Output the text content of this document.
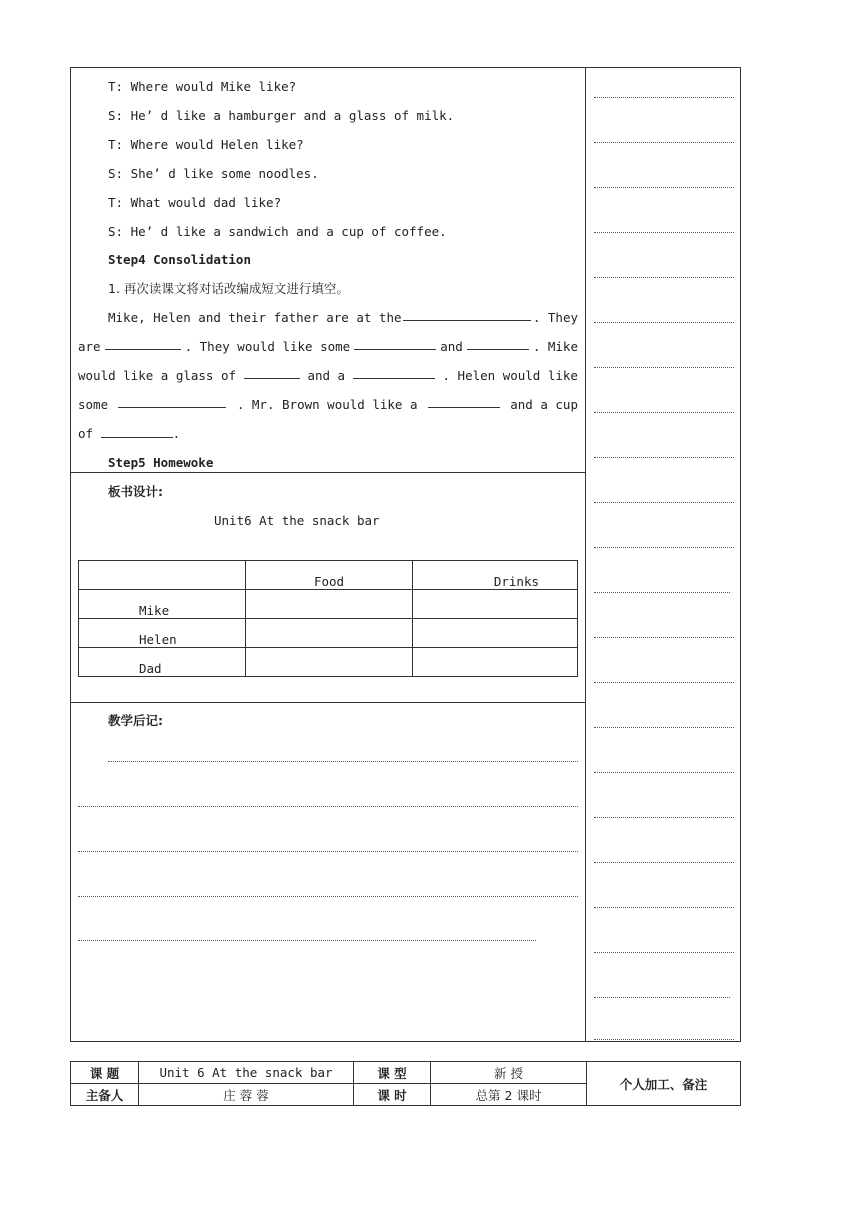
T: Where would Mike like?
S: He’ d like a hamburger and a glass of milk.
T: Where would Helen like?
S: She’ d like some noodles.
T: What would dad like?
S: He’ d like a sandwich and a cup of coffee.
Step4 Consolidation
1. 再次读课文将对话改编成短文进行填空。
Mike, Helen and their father are at the	. They
are	. They would like some	and	. Mike
would like a glass of	and a	. Helen would like
some	. Mr. Brown would like a	and a cup
of	.
Step5 Homewoke
板书设计:
Unit6 At the snack bar
	Food	Drinks
Mike		
Helen		
Dad		
教学后记:
课 题	Unit 6 At the snack bar	课 型	新 授	个人加工、备注
主备人	庄 蓉 蓉	课 时	总第 2 课时	
